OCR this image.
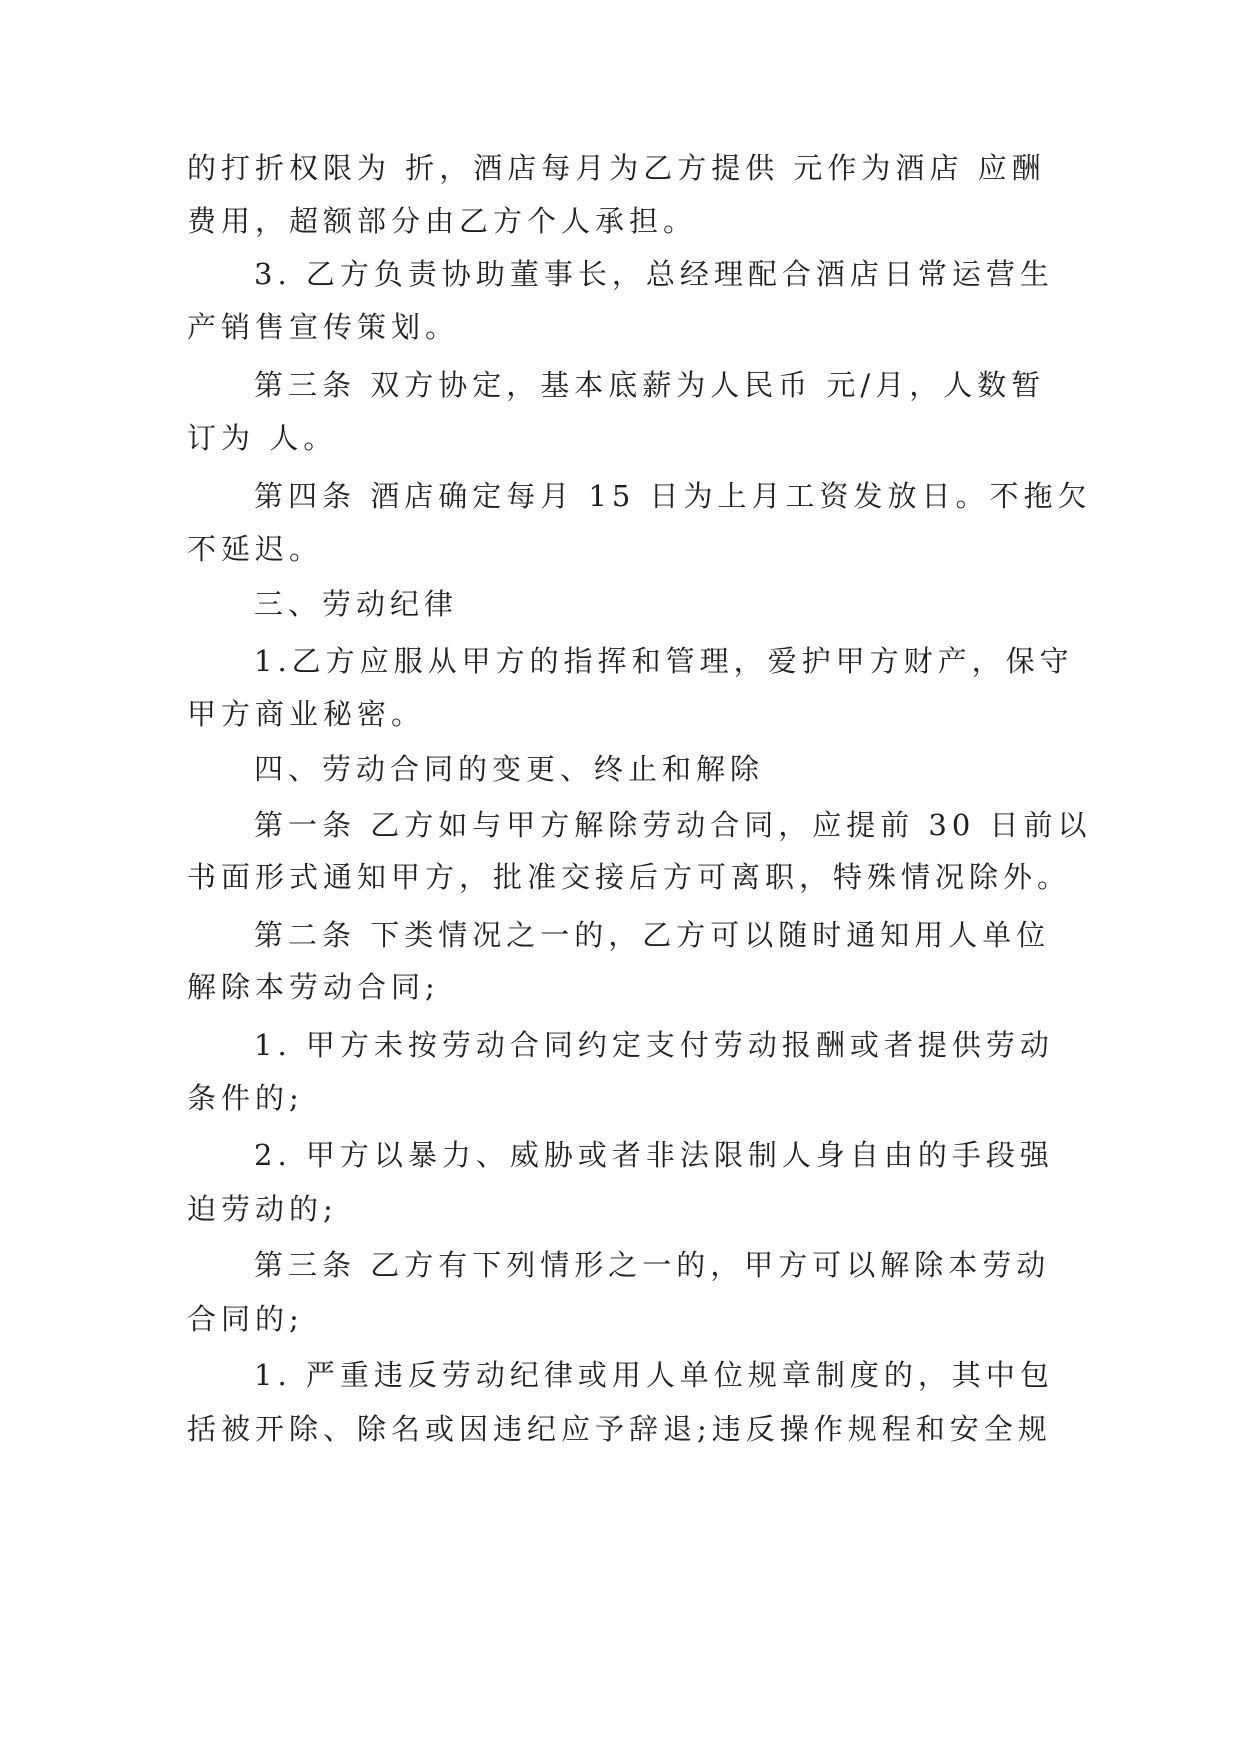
的打折权限为 折，酒店每月为乙方提供 元作为酒店 应酬
费用，超额部分由乙方个人承担。
3. 乙方负责协助董事长，总经理配合酒店日常运营生
产销售宣传策划。
第三条 双方协定，基本底薪为人民币 元/月，人数暂
订为 人。
第四条 酒店确定每月 15 日为上月工资发放日。不拖欠
不延迟。
三、劳动纪律
1.乙方应服从甲方的指挥和管理，爱护甲方财产，保守
甲方商业秘密。
四、劳动合同的变更、终止和解除
第一条 乙方如与甲方解除劳动合同，应提前 30 日前以
书面形式通知甲方，批准交接后方可离职，特殊情况除外。
第二条 下类情况之一的，乙方可以随时通知用人单位
解除本劳动合同;
1. 甲方未按劳动合同约定支付劳动报酬或者提供劳动
条件的;
2. 甲方以暴力、威胁或者非法限制人身自由的手段强
迫劳动的;
第三条 乙方有下列情形之一的，甲方可以解除本劳动
合同的;
1. 严重违反劳动纪律或用人单位规章制度的，其中包
括被开除、除名或因违纪应予辞退;违反操作规程和安全规
